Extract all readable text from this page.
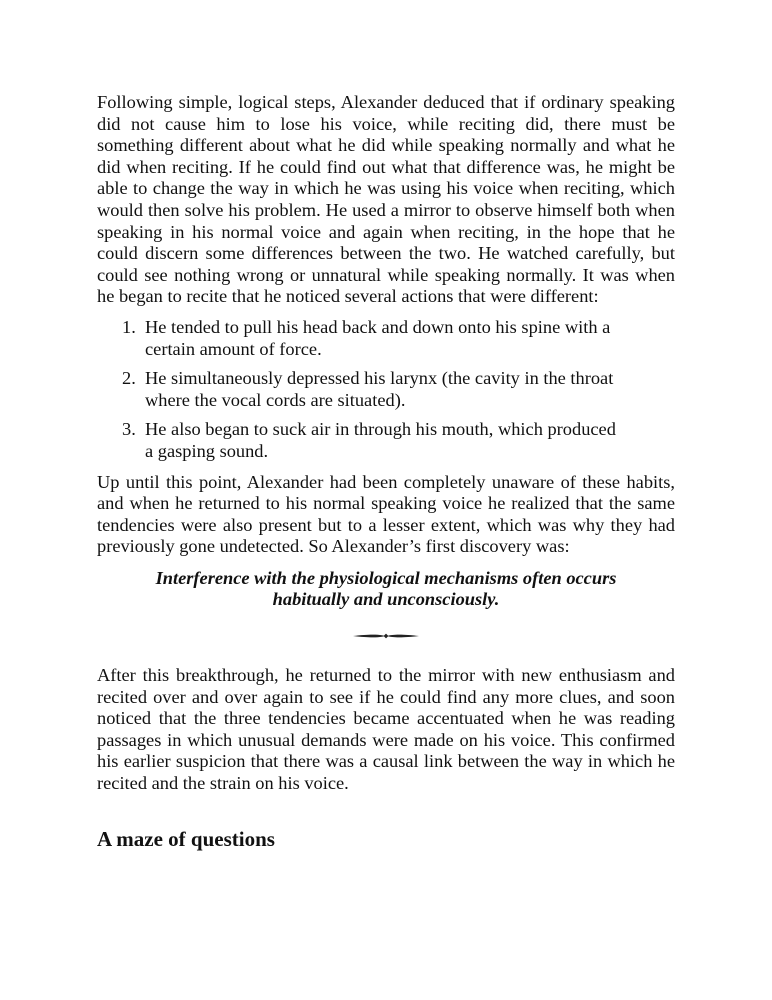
Following simple, logical steps, Alexander deduced that if ordinary speaking did not cause him to lose his voice, while reciting did, there must be something different about what he did while speaking normally and what he did when reciting. If he could find out what that difference was, he might be able to change the way in which he was using his voice when reciting, which would then solve his problem. He used a mirror to observe himself both when speaking in his normal voice and again when reciting, in the hope that he could discern some differences between the two. He watched carefully, but could see nothing wrong or unnatural while speaking normally. It was when he began to recite that he noticed several actions that were different:

1. He tended to pull his head back and down onto his spine with a certain amount of force.
2. He simultaneously depressed his larynx (the cavity in the throat where the vocal cords are situated).
3. He also began to suck air in through his mouth, which produced a gasping sound.

Up until this point, Alexander had been completely unaware of these habits, and when he returned to his normal speaking voice he realized that the same tendencies were also present but to a lesser extent, which was why they had previously gone undetected. So Alexander’s first discovery was:

Interference with the physiological mechanisms often occurs
habitually and unconsciously.

After this breakthrough, he returned to the mirror with new enthusiasm and recited over and over again to see if he could find any more clues, and soon noticed that the three tendencies became accentuated when he was reading passages in which unusual demands were made on his voice. This confirmed his earlier suspicion that there was a causal link between the way in which he recited and the strain on his voice.

A maze of questions
